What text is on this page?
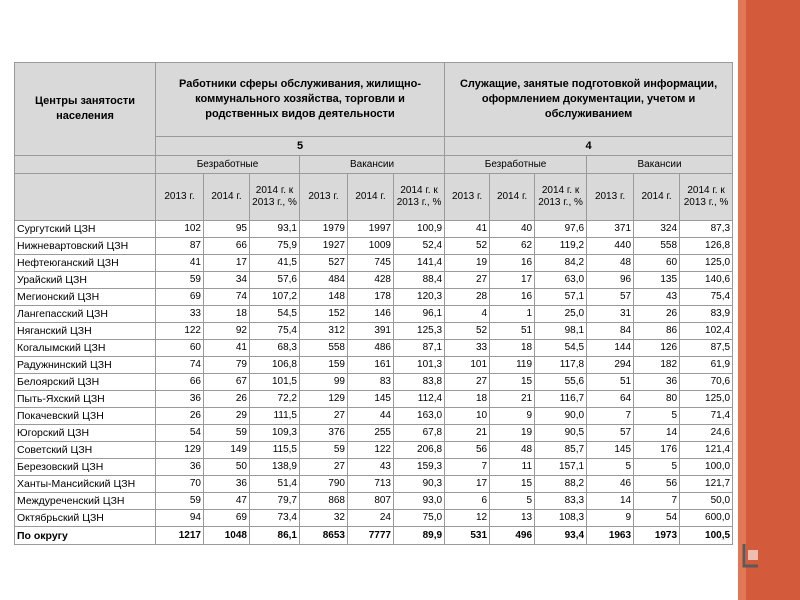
Центры занятости населения	Работники сферы обслуживания, жилищно-коммунального хозяйства, торговли и родственных видов деятельности						Служащие, занятые подготовкой информации, оформлением документации, учетом и обслуживанием					
	5						4					
	Безработные			Вакансии			Безработные			Вакансии		
	2013 г.	2014 г.	2014 г. к 2013 г., %	2013 г.	2014 г.	2014 г. к 2013 г., %	2013 г.	2014 г.	2014 г. к 2013 г., %	2013 г.	2014 г.	2014 г. к 2013 г., %
Сургутский ЦЗН	102	95	93,1	1979	1997	100,9	41	40	97,6	371	324	87,3
Нижневартовский ЦЗН	87	66	75,9	1927	1009	52,4	52	62	119,2	440	558	126,8
Нефтеюганский ЦЗН	41	17	41,5	527	745	141,4	19	16	84,2	48	60	125,0
Урайский ЦЗН	59	34	57,6	484	428	88,4	27	17	63,0	96	135	140,6
Мегионский ЦЗН	69	74	107,2	148	178	120,3	28	16	57,1	57	43	75,4
Лангепасский ЦЗН	33	18	54,5	152	146	96,1	4	1	25,0	31	26	83,9
Няганский ЦЗН	122	92	75,4	312	391	125,3	52	51	98,1	84	86	102,4
Когалымский ЦЗН	60	41	68,3	558	486	87,1	33	18	54,5	144	126	87,5
Радужнинский ЦЗН	74	79	106,8	159	161	101,3	101	119	117,8	294	182	61,9
Белоярский ЦЗН	66	67	101,5	99	83	83,8	27	15	55,6	51	36	70,6
Пыть-Яхский ЦЗН	36	26	72,2	129	145	112,4	18	21	116,7	64	80	125,0
Покачевский ЦЗН	26	29	111,5	27	44	163,0	10	9	90,0	7	5	71,4
Югорский ЦЗН	54	59	109,3	376	255	67,8	21	19	90,5	57	14	24,6
Советский ЦЗН	129	149	115,5	59	122	206,8	56	48	85,7	145	176	121,4
Березовский ЦЗН	36	50	138,9	27	43	159,3	7	11	157,1	5	5	100,0
Ханты-Мансийский ЦЗН	70	36	51,4	790	713	90,3	17	15	88,2	46	56	121,7
Междуреченский ЦЗН	59	47	79,7	868	807	93,0	6	5	83,3	14	7	50,0
Октябрьский ЦЗН	94	69	73,4	32	24	75,0	12	13	108,3	9	54	600,0
По округу	1217	1048	86,1	8653	7777	89,9	531	496	93,4	1963	1973	100,5
